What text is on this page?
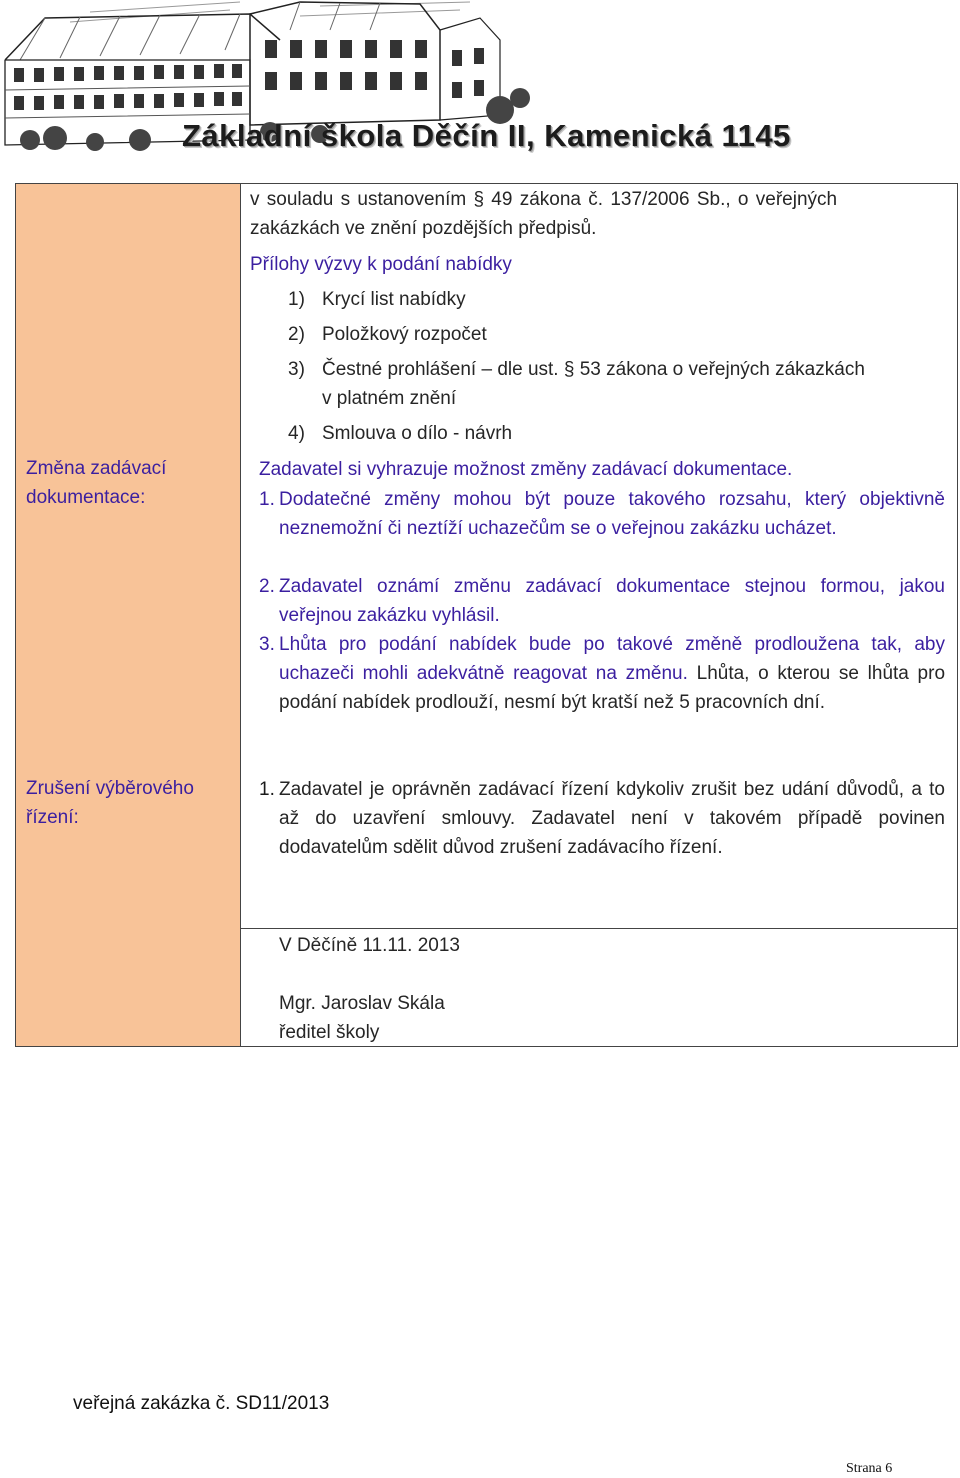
Základní škola Děčín II, Kamenická 1145
Změna zadávací dokumentace:
Zrušení výběrového řízení:
v souladu s ustanovením § 49 zákona č. 137/2006 Sb., o veřejných
zakázkách ve znění pozdějších předpisů.
Přílohy výzvy k podání nabídky
1) Krycí list nabídky
2) Položkový rozpočet
3) Čestné prohlášení – dle ust. § 53 zákona o veřejných zákazkách
v platném znění
4) Smlouva o dílo - návrh
Zadavatel si vyhrazuje možnost změny zadávací dokumentace.
1. Dodatečné změny mohou být pouze takového rozsahu, který objektivně neznemožní či neztíží uchazečům se o veřejnou zakázku ucházet.
2. Zadavatel oznámí změnu zadávací dokumentace stejnou formou, jakou veřejnou zakázku vyhlásil.
3. Lhůta pro podání nabídek bude po takové změně prodloužena tak, aby uchazeči mohli adekvátně reagovat na změnu. Lhůta, o kterou se lhůta pro podání nabídek prodlouží, nesmí být kratší než 5 pracovních dní.
1. Zadavatel je oprávněn zadávací řízení kdykoliv zrušit bez udání důvodů, a to až do uzavření smlouvy. Zadavatel není v takovém případě povinen dodavatelům sdělit důvod zrušení zadávacího řízení.
V Děčíně 11.11. 2013
Mgr. Jaroslav Skála
ředitel školy
veřejná zakázka č. SD11/2013
Strana 6
